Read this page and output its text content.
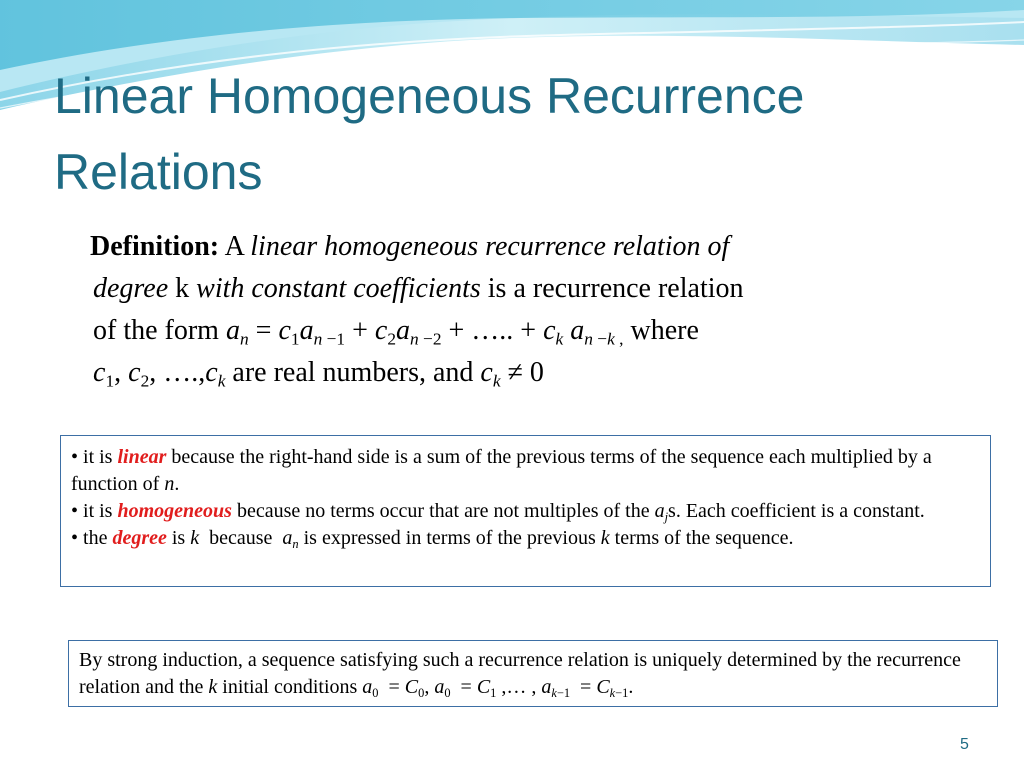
Linear Homogeneous Recurrence Relations
Definition: A linear homogeneous recurrence relation of
degree k with constant coefficients is a recurrence relation
of the form $a_n = c_1a_{n -1} + c_2a_{n -2}$ + ….. + $c_k$ $a_{n -k ,}$ where
$c_1$, $c_2$, $\dots.,c_k$ are real numbers, and $c_k \ne 0$
• it is linear because the right-hand side is a sum of the previous terms of the sequence each multiplied by a function of n.
• it is homogeneous because no terms occur that are not multiples of the $a_js$. Each coefficient is a constant.
• the degree is k because $a_n$ is expressed in terms of the previous k terms of the sequence.
By strong induction, a sequence satisfying such a recurrence relation is uniquely determined by the recurrence relation and the k initial conditions $a_0 = C_0$, $a_0 = C_1$ ,… , $a_{k-1} = C_{k-1}$.
5
